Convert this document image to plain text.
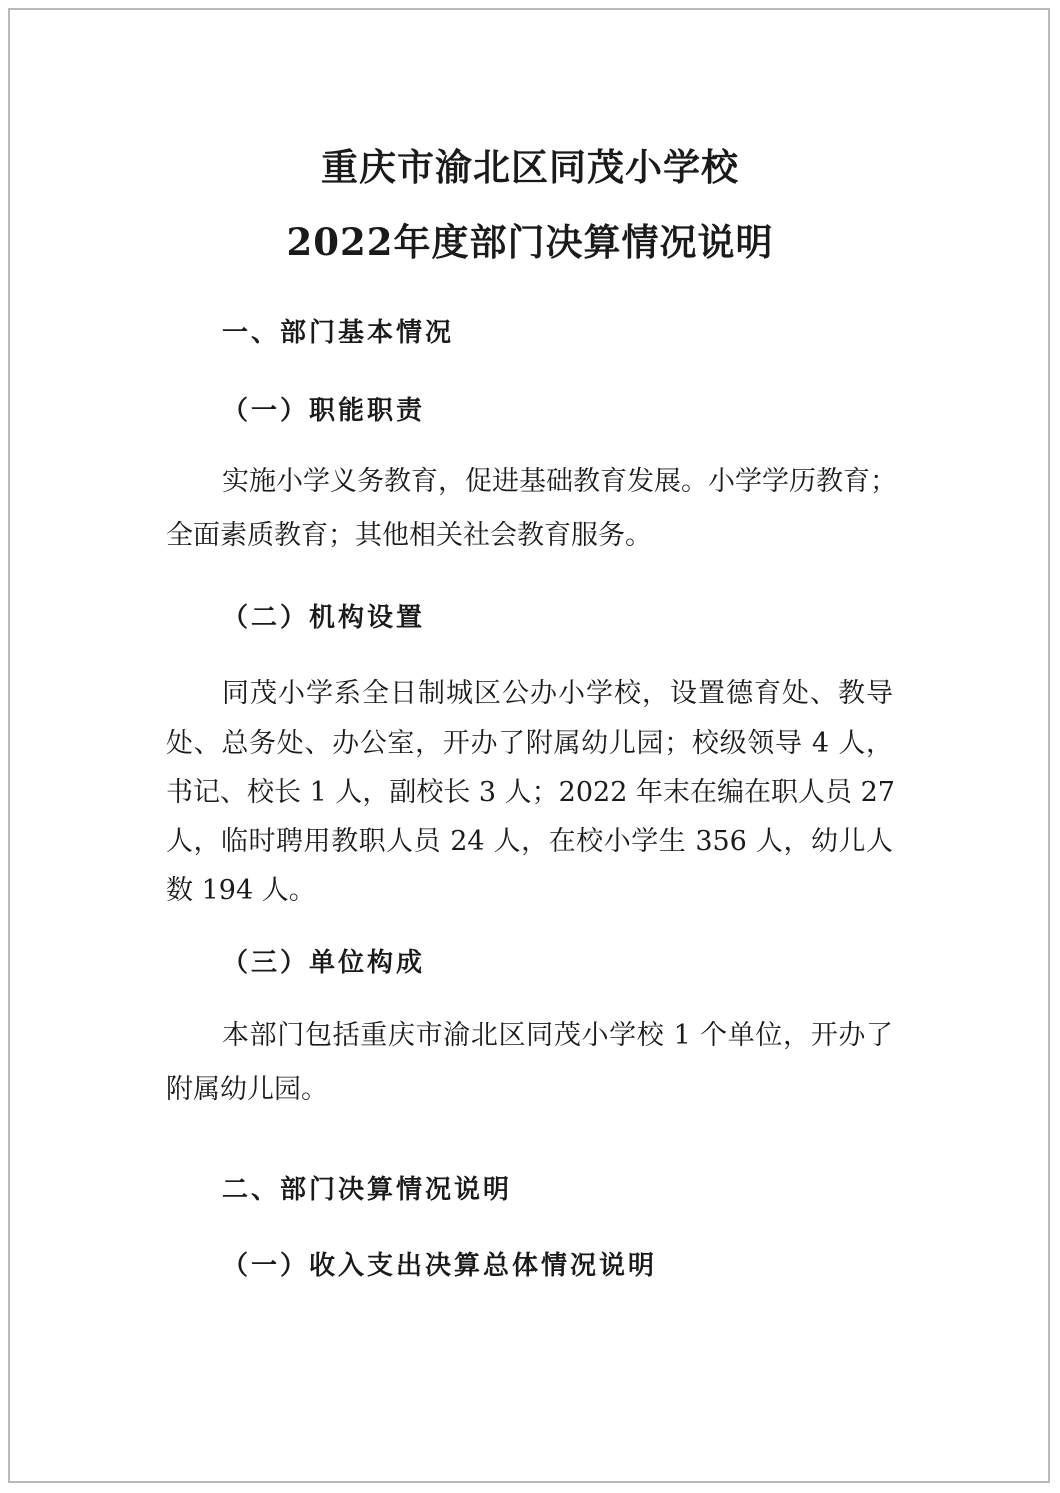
重庆市渝北区同茂小学校
2022年度部门决算情况说明
一、部门基本情况
（一）职能职责

实施小学义务教育，促进基础教育发展。小学学历教育；

全面素质教育；其他相关社会教育服务。

（二）机构设置

同茂小学系全日制城区公办小学校，设置德育处、教导

处、总务处、办公室，开办了附属幼儿园；校级领导 4 人，

书记、校长 1 人，副校长 3 人；2022 年末在编在职人员 27

人，临时聘用教职人员 24 人，在校小学生 356 人，幼儿人

数 194 人。

（三）单位构成

本部门包括重庆市渝北区同茂小学校 1 个单位，开办了

附属幼儿园。

二、部门决算情况说明
（一）收入支出决算总体情况说明
